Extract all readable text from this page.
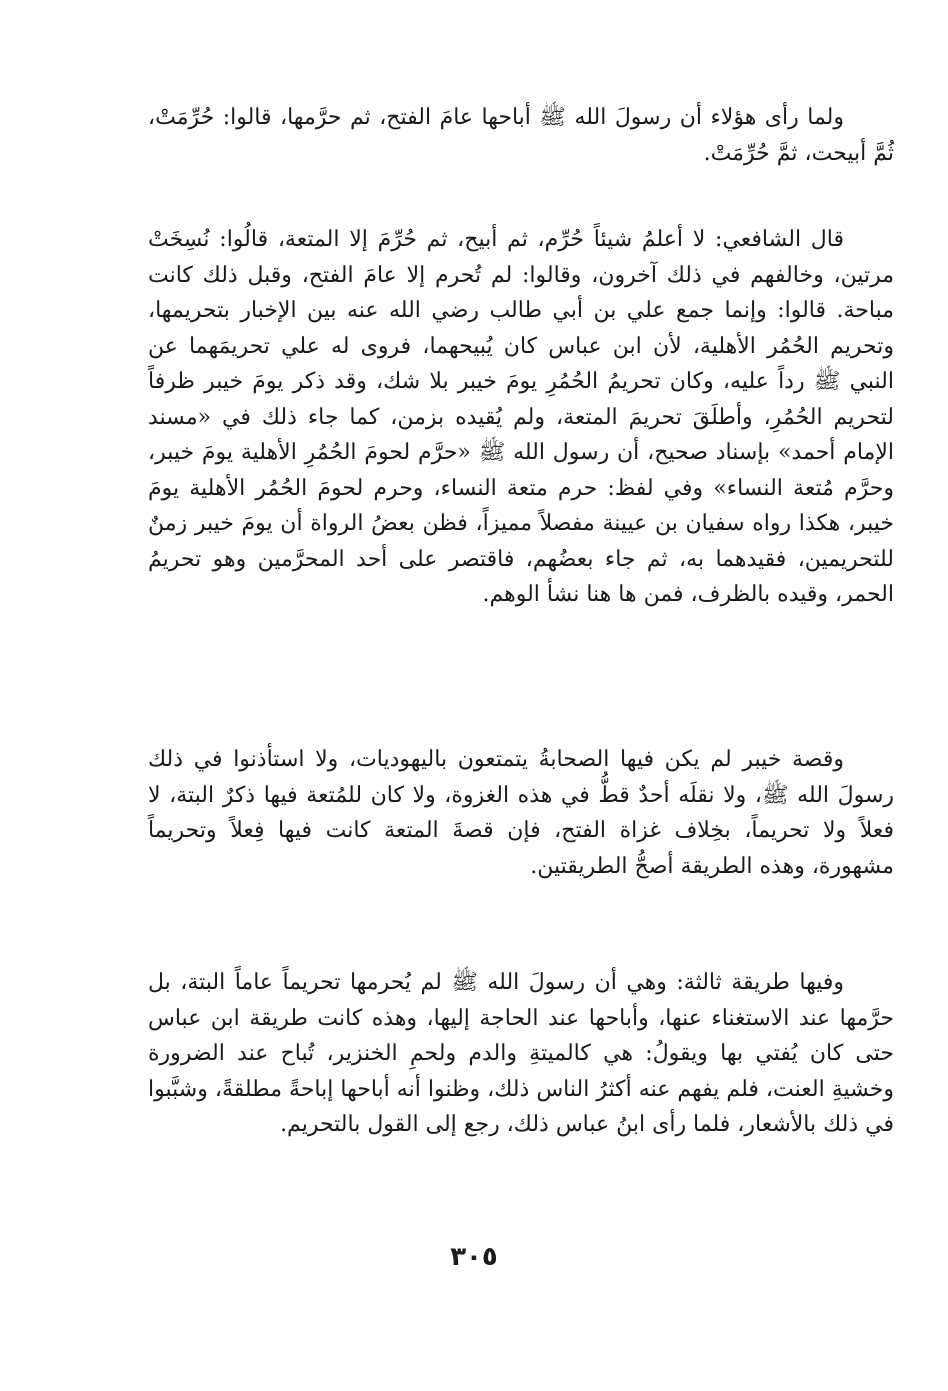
ولما رأى هؤلاء أن رسولَ الله ﷺ أباحها عامَ الفتح، ثم حرَّمها، قالوا: حُرِّمَتْ، ثُمَّ أبيحت، ثمَّ حُرِّمَتْ.

قال الشافعي: لا أعلمُ شيئاً حُرِّم، ثم أبيح، ثم حُرِّمَ إلا المتعة، قالُوا: نُسِخَتْ مرتين، وخالفهم في ذلك آخرون، وقالوا: لم تُحرم إلا عامَ الفتح، وقبل ذلك كانت مباحة. قالوا: وإنما جمع علي بن أبي طالب رضي الله عنه بين الإخبار بتحريمها، وتحريم الحُمُر الأهلية، لأن ابن عباس كان يُبيحهما، فروى له علي تحريمَهما عن النبي ﷺ رداً عليه، وكان تحريمُ الحُمُرِ يومَ خيبر بلا شك، وقد ذكر يومَ خيبر ظرفاً لتحريم الحُمُرِ، وأطلَقَ تحريمَ المتعة، ولم يُقيده بزمن، كما جاء ذلك في «مسند الإمام أحمد» بإسناد صحيح، أن رسول الله ﷺ «حرَّم لحومَ الحُمُرِ الأهلية يومَ خيبر، وحرَّم مُتعة النساء» وفي لفظ: حرم متعة النساء، وحرم لحومَ الحُمُر الأهلية يومَ خيبر، هكذا رواه سفيان بن عيينة مفصلاً مميزاً، فظن بعضُ الرواة أن يومَ خيبر زمنٌ للتحريمين، فقيدهما به، ثم جاء بعضُهم، فاقتصر على أحد المحرَّمين وهو تحريمُ الحمر، وقيده بالظرف، فمن ها هنا نشأ الوهم.

وقصة خيبر لم يكن فيها الصحابةُ يتمتعون باليهوديات، ولا استأذنوا في ذلك رسولَ الله ﷺ، ولا نقلَه أحدٌ قطُّ في هذه الغزوة، ولا كان للمُتعة فيها ذكرٌ البتة، لا فعلاً ولا تحريماً، بخِلاف غزاة الفتح، فإن قصةَ المتعة كانت فيها فِعلاً وتحريماً مشهورة، وهذه الطريقة أصحُّ الطريقتين.

وفيها طريقة ثالثة: وهي أن رسولَ الله ﷺ لم يُحرمها تحريماً عاماً البتة، بل حرَّمها عند الاستغناء عنها، وأباحها عند الحاجة إليها، وهذه كانت طريقة ابن عباس حتى كان يُفتي بها ويقولُ: هي كالميتةِ والدم ولحمِ الخنزير، تُباح عند الضرورة وخشيةِ العنت، فلم يفهم عنه أكثرُ الناس ذلك، وظنوا أنه أباحها إباحةً مطلقةً، وشبَّبوا في ذلك بالأشعار، فلما رأى ابنُ عباس ذلك، رجع إلى القول بالتحريم.

٣٠٥
